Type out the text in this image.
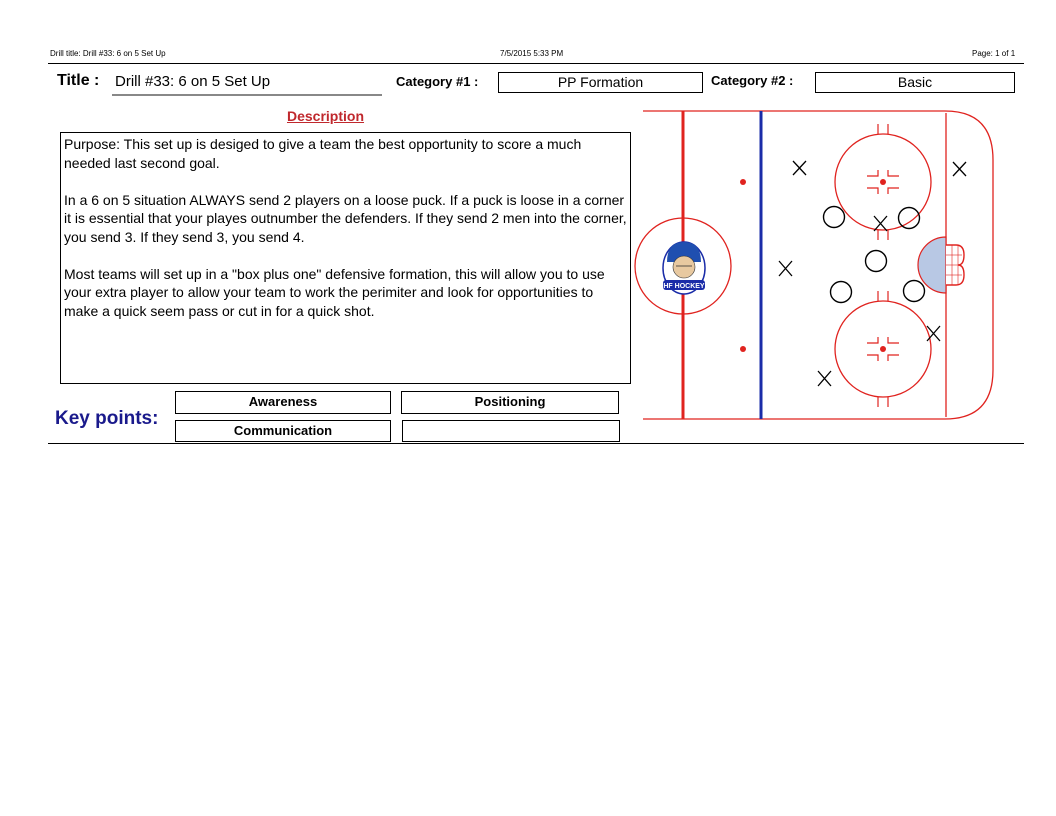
Drill title: Drill #33: 6 on 5 Set Up	7/5/2015 5:33 PM	Page: 1 of 1
Title : Drill #33: 6 on 5 Set Up	Category #1 :	PP Formation	Category #2 :	Basic
Description

Purpose: This set up is desiged to give a team the best opportunity to score a much needed last second goal.

In a 6 on 5 situation ALWAYS send 2 players on a loose puck. If a puck is loose in a corner it is essential that your playes outnumber the defenders. If they send 2 men into the corner, you send 3. If they send 3, you send 4.

Most teams will set up in a "box plus one" defensive formation, this will allow you to use your extra player to allow your team to work the perimiter and look for opportunities to make a quick seem pass or cut in for a quick shot.

Key points:
Awareness	Positioning
Communication
HF HOCKEY
